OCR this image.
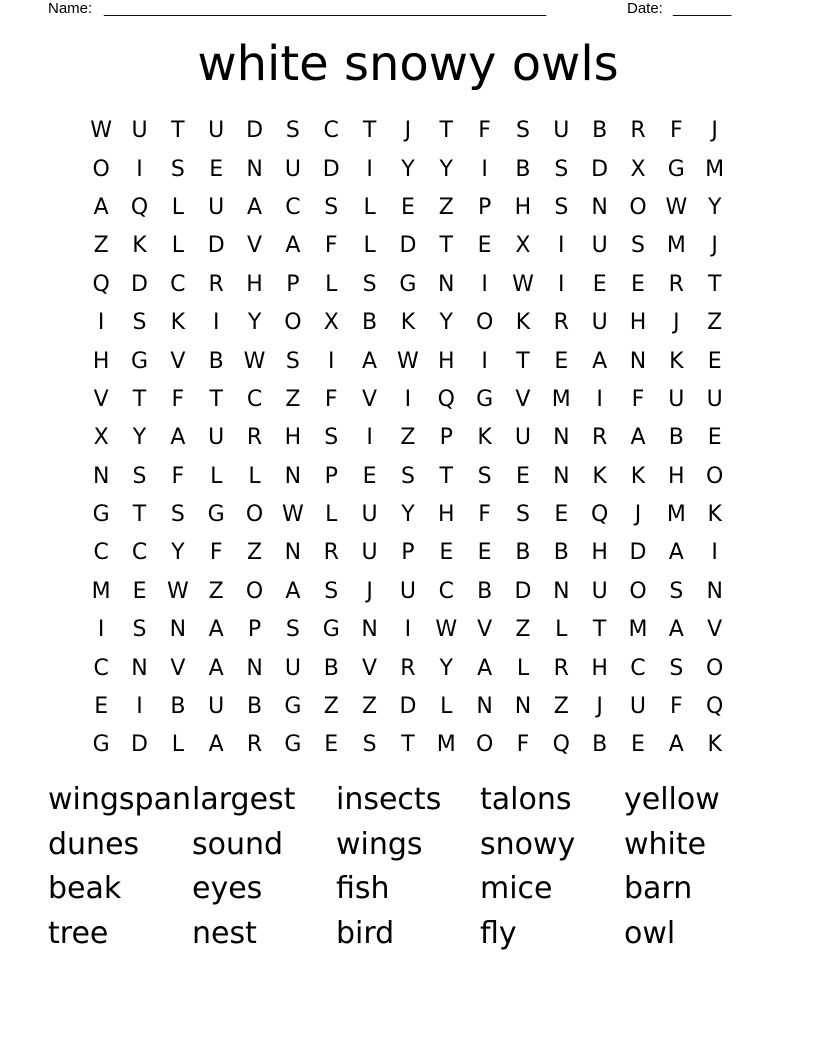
Name: _____________________________________________________	Date: _______
white snowy owls
W U	T	U D	S	C	T	J	T	F	S	U	B	R	F	J
O	I	S	E	N	U D	I	Y	Y	I	B	S	D	X	G M
A	Q	L	U	A	C	S	L	E	Z	P	H	S	N O W Y
Z	K	L	D	V	A	F	L	D	T	E	X	I	U	S M	J
Q D	C	R	H	P	L	S	G N	I	W	I	E	E	R	T
I	S	K	I	Y	O	X	B	K	Y	O	K	R	U	H	J	Z
H G	V	B W S	I	A W H	I	T	E	A	N	K	E
V	T	F	T	C	Z	F	V	I	Q G	V M	I	F	U	U
X	Y	A	U	R	H	S	I	Z	P	K	U	N	R	A	B	E
N	S	F	L	L	N	P	E	S	T	S	E	N	K	K	H O
G	T	S	G O W L	U	Y	H	F	S	E	Q	J	M K
C	C	Y	F	Z	N	R	U	P	E	E	B	B	H D	A	I
M E W Z	O	A	S	J	U	C	B	D N	U O	S	N
I	S	N	A	P	S	G N	I	W V	Z	L	T	M A	V
C	N	V	A	N	U	B	V	R	Y	A	L	R	H	C	S	O
E	I	B	U	B	G	Z	Z	D	L	N N	Z	J	U	F	Q
G D	L	A	R	G	E	S	T	M O	F	Q	B	E	A	K
wingspan largest	insects	talons	yellow
dunes	sound	wings	snowy	white
beak	eyes	fish	mice	barn
tree	nest	bird	fly	owl
